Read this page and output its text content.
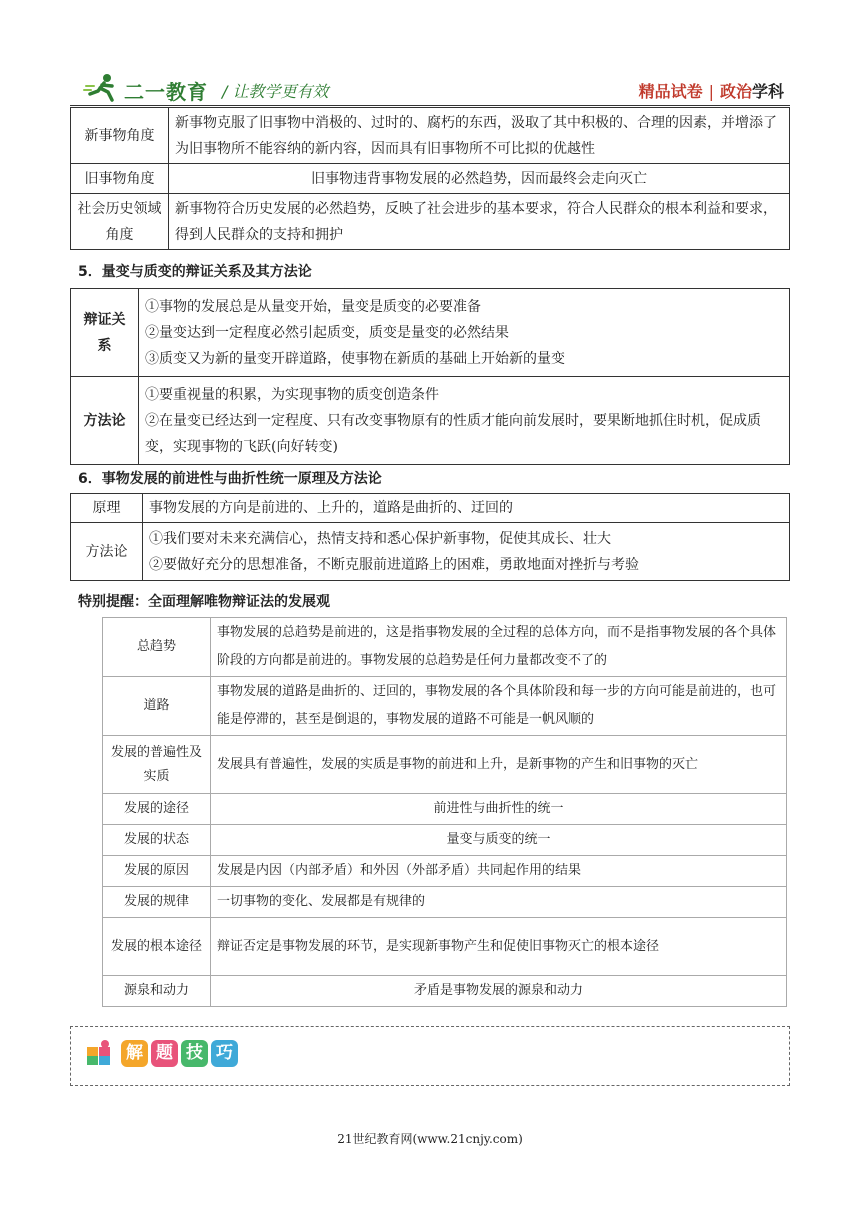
二一教育 / 让教学更有效	精品试卷 | 政治学科
新事物角度	新事物克服了旧事物中消极的、过时的、腐朽的东西，汲取了其中积极的、合理的因素，并增添了为旧事物所不能容纳的新内容，因而具有旧事物所不可比拟的优越性
旧事物角度	旧事物违背事物发展的必然趋势，因而最终会走向灭亡
社会历史领域角度	新事物符合历史发展的必然趋势，反映了社会进步的基本要求，符合人民群众的根本利益和要求，得到人民群众的支持和拥护
5．量变与质变的辩证关系及其方法论
辩证关系	①事物的发展总是从量变开始，量变是质变的必要准备
②量变达到一定程度必然引起质变，质变是量变的必然结果
③质变又为新的量变开辟道路，使事物在新质的基础上开始新的量变

方法论	①要重视量的积累，为实现事物的质变创造条件
②在量变已经达到一定程度、只有改变事物原有的性质才能向前发展时，要果断地抓住时机，促成质变，实现事物的飞跃(向好转变)
6．事物发展的前进性与曲折性统一原理及方法论
原理	事物发展的方向是前进的、上升的，道路是曲折的、迂回的
方法论	①我们要对未来充满信心，热情支持和悉心保护新事物，促使其成长、壮大
②要做好充分的思想准备，不断克服前进道路上的困难，勇敢地面对挫折与考验
特别提醒：全面理解唯物辩证法的发展观
总趋势	事物发展的总趋势是前进的，这是指事物发展的全过程的总体方向，而不是指事物发展的各个具体阶段的方向都是前进的。事物发展的总趋势是任何力量都改变不了的
道路	事物发展的道路是曲折的、迂回的，事物发展的各个具体阶段和每一步的方向可能是前进的，也可能是停滞的，甚至是倒退的，事物发展的道路不可能是一帆风顺的
发展的普遍性及实质	发展具有普遍性，发展的实质是事物的前进和上升，是新事物的产生和旧事物的灭亡
发展的途径	前进性与曲折性的统一
发展的状态	量变与质变的统一
发展的原因	发展是内因（内部矛盾）和外因（外部矛盾）共同起作用的结果
发展的规律	一切事物的变化、发展都是有规律的
发展的根本途径	辩证否定是事物发展的环节，是实现新事物产生和促使旧事物灭亡的根本途径
源泉和动力	矛盾是事物发展的源泉和动力
解 题 技 巧
21世纪教育网(www.21cnjy.com)
